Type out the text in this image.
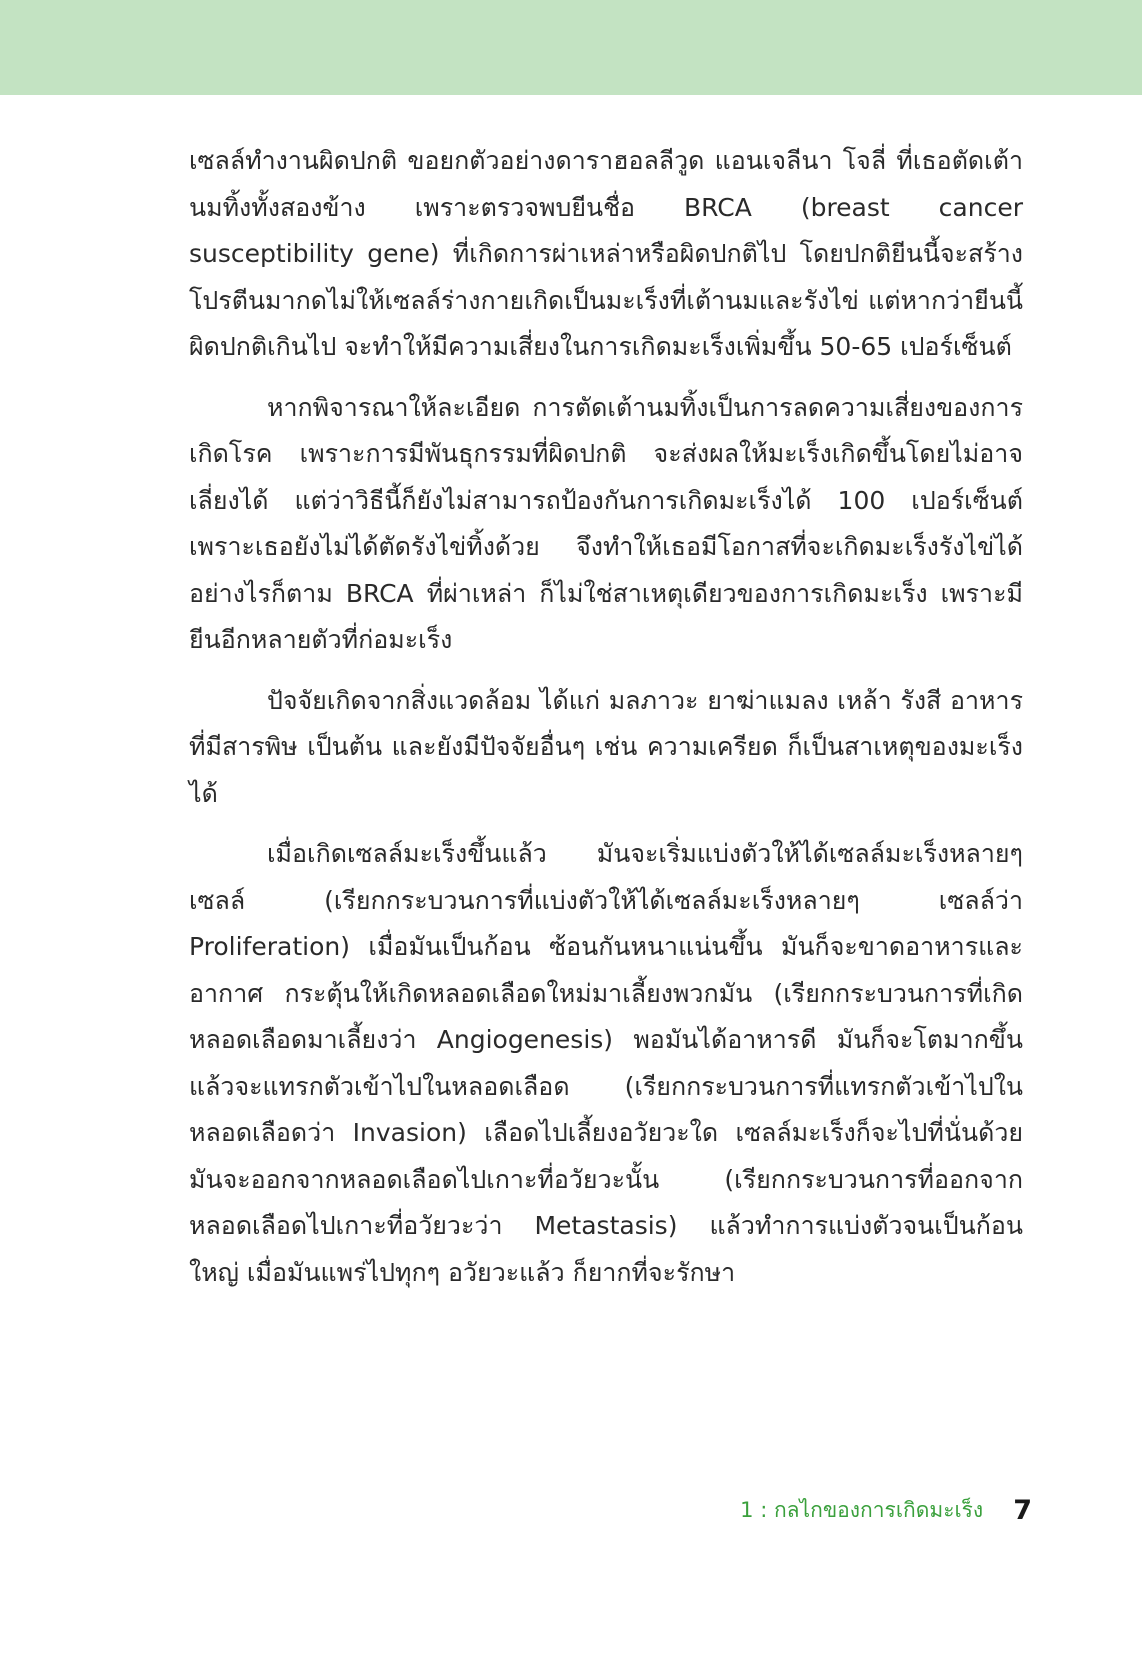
เซลล์ทำงานผิดปกติ ขอยกตัวอย่างดาราฮอลลีวูด แอนเจลีนา โจลี่ ที่เธอตัดเต้านมทิ้งทั้งสองข้าง เพราะตรวจพบยีนชื่อ BRCA (breast cancer susceptibility gene) ที่เกิดการผ่าเหล่าหรือผิดปกติไป โดยปกติยีนนี้จะสร้างโปรตีนมากดไม่ให้เซลล์ร่างกายเกิดเป็นมะเร็งที่เต้านมและรังไข่ แต่หากว่ายีนนี้ผิดปกติเกินไป จะทำให้มีความเสี่ยงในการเกิดมะเร็งเพิ่มขึ้น 50-65 เปอร์เซ็นต์

หากพิจารณาให้ละเอียด การตัดเต้านมทิ้งเป็นการลดความเสี่ยงของการเกิดโรค เพราะการมีพันธุกรรมที่ผิดปกติ จะส่งผลให้มะเร็งเกิดขึ้นโดยไม่อาจเลี่ยงได้ แต่ว่าวิธีนี้ก็ยังไม่สามารถป้องกันการเกิดมะเร็งได้ 100 เปอร์เซ็นต์ เพราะเธอยังไม่ได้ตัดรังไข่ทิ้งด้วย จึงทำให้เธอมีโอกาสที่จะเกิดมะเร็งรังไข่ได้ อย่างไรก็ตาม BRCA ที่ผ่าเหล่า ก็ไม่ใช่สาเหตุเดียวของการเกิดมะเร็ง เพราะมียีนอีกหลายตัวที่ก่อมะเร็ง

ปัจจัยเกิดจากสิ่งแวดล้อม ได้แก่ มลภาวะ ยาฆ่าแมลง เหล้า รังสี อาหารที่มีสารพิษ เป็นต้น และยังมีปัจจัยอื่นๆ เช่น ความเครียด ก็เป็นสาเหตุของมะเร็งได้

เมื่อเกิดเซลล์มะเร็งขึ้นแล้ว มันจะเริ่มแบ่งตัวให้ได้เซลล์มะเร็งหลายๆ เซลล์ (เรียกกระบวนการที่แบ่งตัวให้ได้เซลล์มะเร็งหลายๆ เซลล์ว่า Proliferation) เมื่อมันเป็นก้อน ซ้อนกันหนาแน่นขึ้น มันก็จะขาดอาหารและอากาศ กระตุ้นให้เกิดหลอดเลือดใหม่มาเลี้ยงพวกมัน (เรียกกระบวนการที่เกิดหลอดเลือดมาเลี้ยงว่า Angiogenesis) พอมันได้อาหารดี มันก็จะโตมากขึ้น แล้วจะแทรกตัวเข้าไปในหลอดเลือด (เรียกกระบวนการที่แทรกตัวเข้าไปในหลอดเลือดว่า Invasion) เลือดไปเลี้ยงอวัยวะใด เซลล์มะเร็งก็จะไปที่นั่นด้วย มันจะออกจากหลอดเลือดไปเกาะที่อวัยวะนั้น (เรียกกระบวนการที่ออกจากหลอดเลือดไปเกาะที่อวัยวะว่า Metastasis) แล้วทำการแบ่งตัวจนเป็นก้อนใหญ่ เมื่อมันแพร่ไปทุกๆ อวัยวะแล้ว ก็ยากที่จะรักษา

1 : กลไกของการเกิดมะเร็ง 7
